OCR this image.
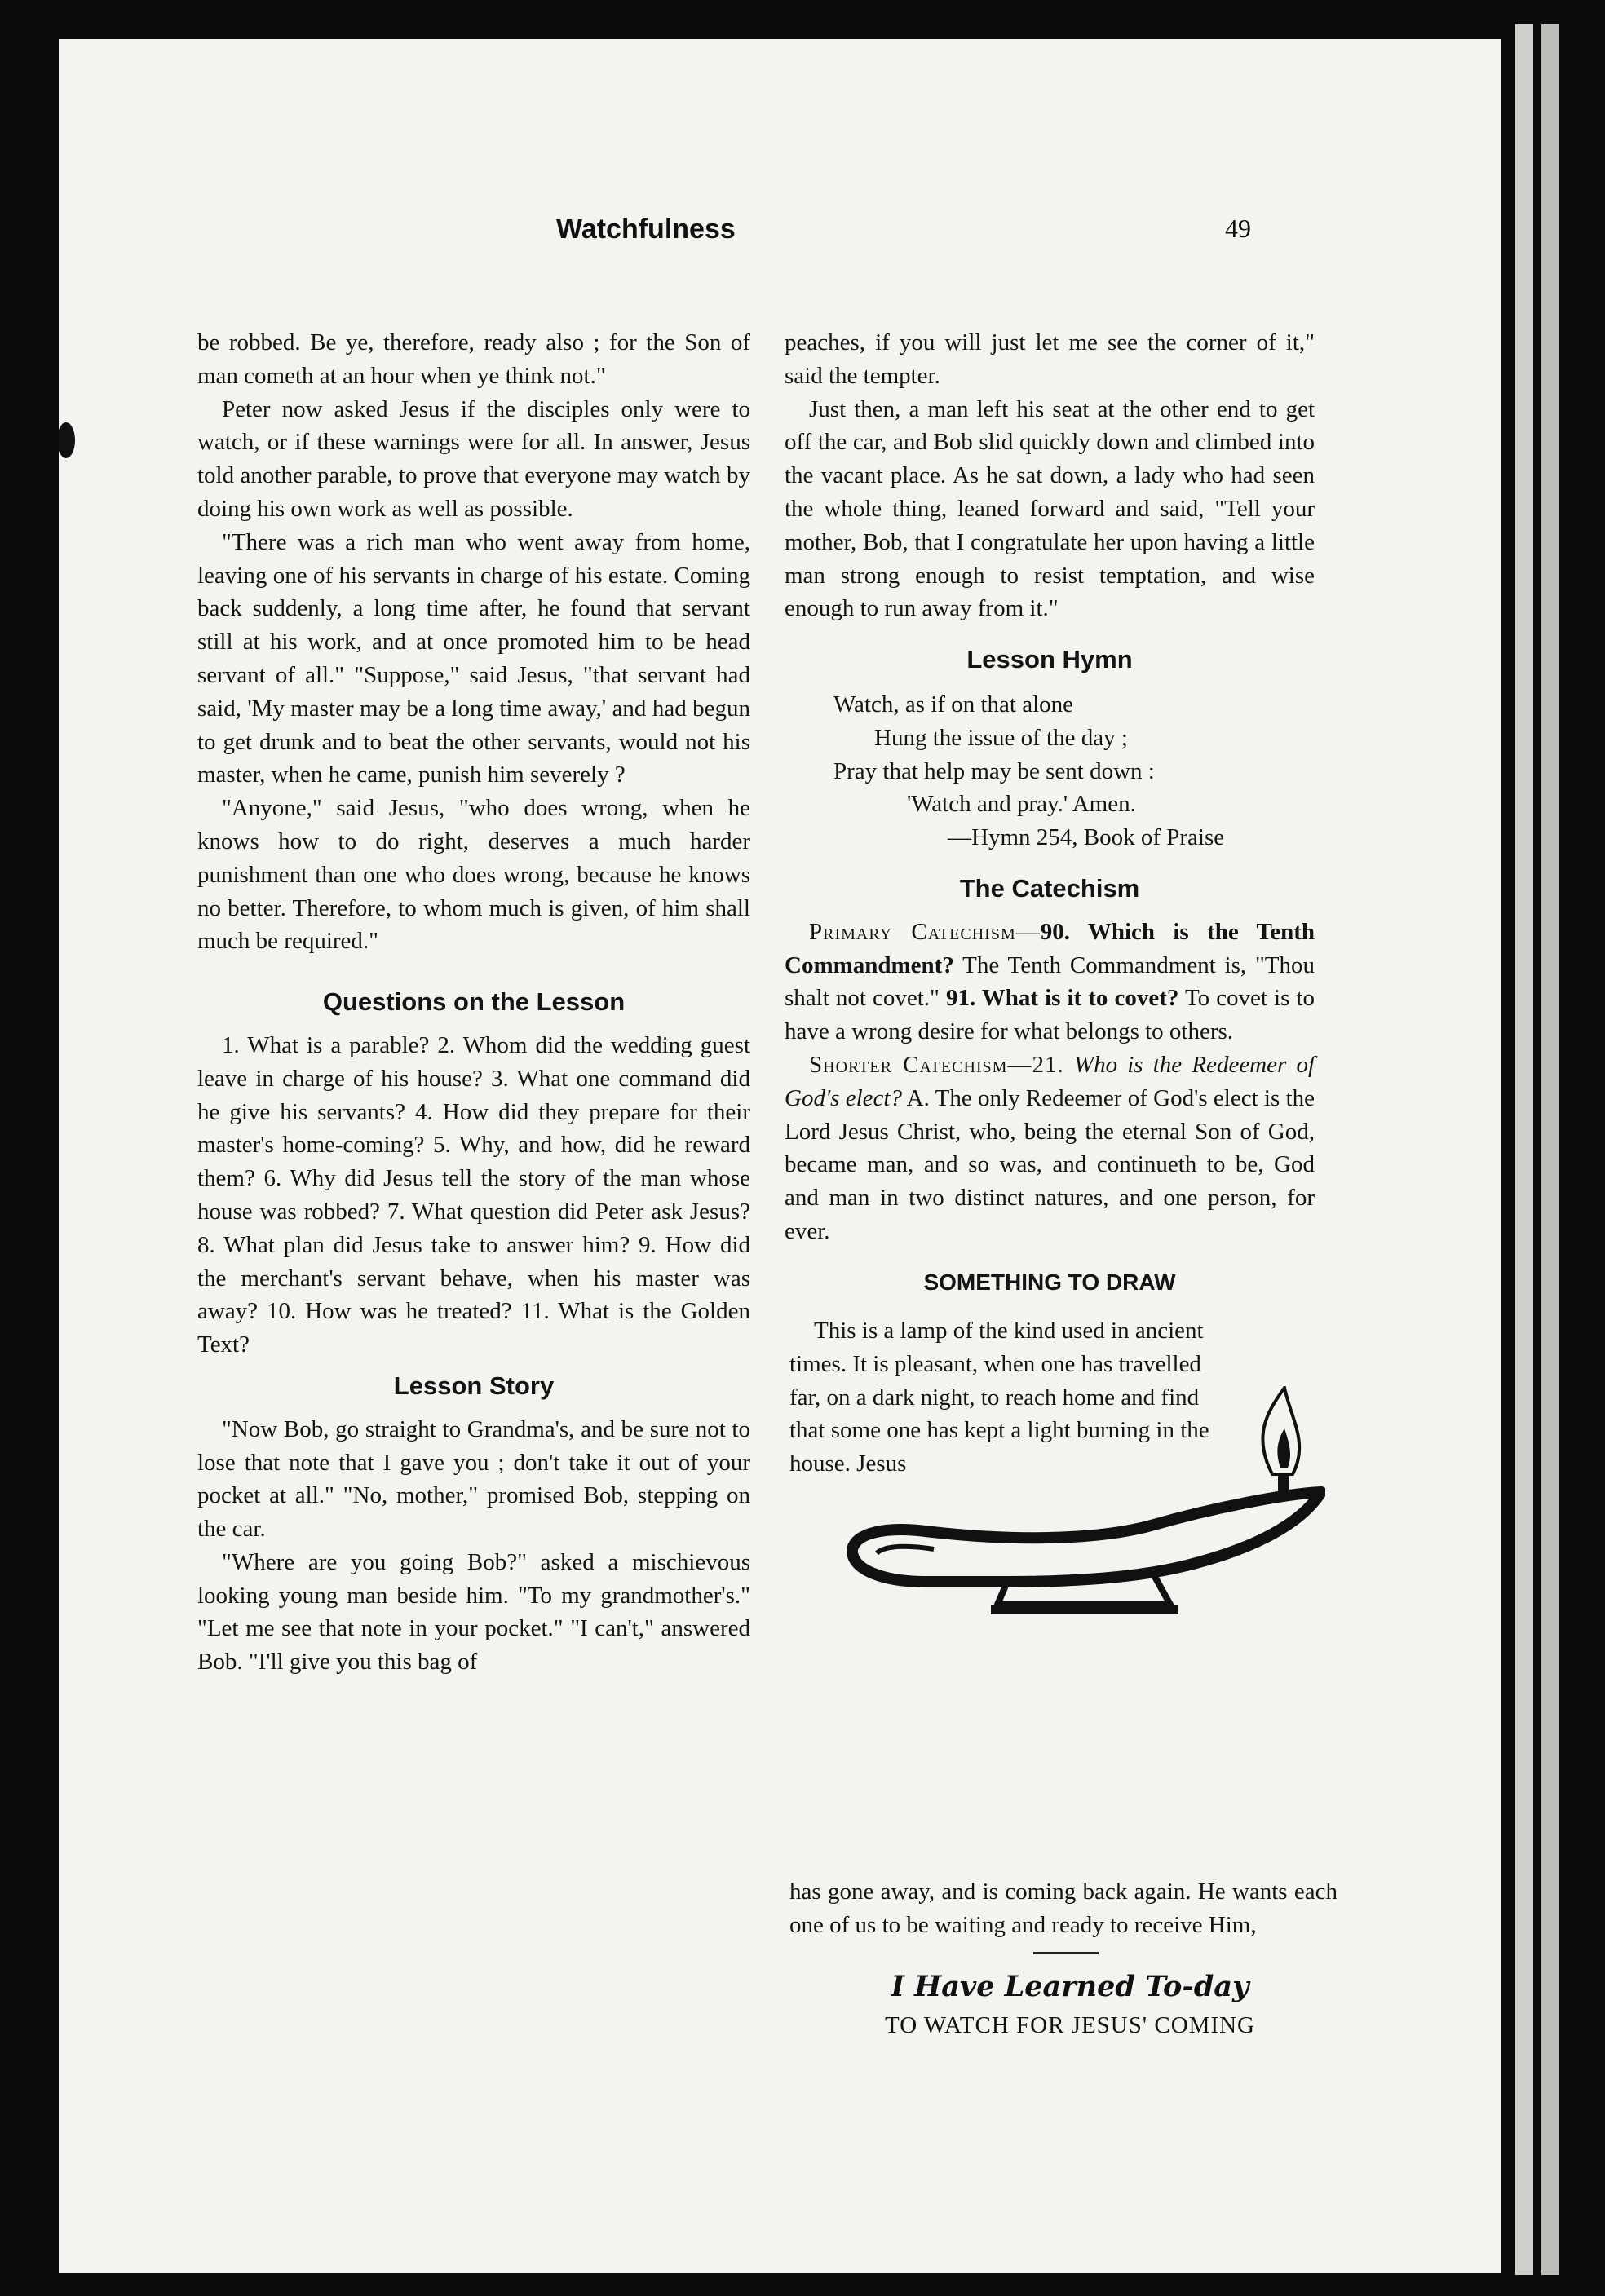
Watchfulness	49

be robbed. Be ye, therefore, ready also ; for the Son of man cometh at an hour when ye think not."

Peter now asked Jesus if the disciples only were to watch, or if these warnings were for all. In answer, Jesus told another parable, to prove that everyone may watch by doing his own work as well as possible.

"There was a rich man who went away from home, leaving one of his servants in charge of his estate. Coming back suddenly, a long time after, he found that servant still at his work, and at once promoted him to be head servant of all." "Suppose," said Jesus, "that servant had said, 'My master may be a long time away,' and had begun to get drunk and to beat the other servants, would not his master, when he came, punish him severely ?

"Anyone," said Jesus, "who does wrong, when he knows how to do right, deserves a much harder punishment than one who does wrong, because he knows no better. Therefore, to whom much is given, of him shall much be required."

Questions on the Lesson

1. What is a parable? 2. Whom did the wedding guest leave in charge of his house? 3. What one command did he give his servants? 4. How did they prepare for their master's home-coming? 5. Why, and how, did he reward them? 6. Why did Jesus tell the story of the man whose house was robbed? 7. What question did Peter ask Jesus? 8. What plan did Jesus take to answer him? 9. How did the merchant's servant behave, when his master was away? 10. How was he treated? 11. What is the Golden Text?

Lesson Story

"Now Bob, go straight to Grandma's, and be sure not to lose that note that I gave you ; don't take it out of your pocket at all." "No, mother," promised Bob, stepping on the car.

"Where are you going Bob?" asked a mischievous looking young man beside him. "To my grandmother's." "Let me see that note in your pocket." "I can't," answered Bob. "I'll give you this bag of

peaches, if you will just let me see the corner of it," said the tempter.

Just then, a man left his seat at the other end to get off the car, and Bob slid quickly down and climbed into the vacant place. As he sat down, a lady who had seen the whole thing, leaned forward and said, "Tell your mother, Bob, that I congratulate her upon having a little man strong enough to resist temptation, and wise enough to run away from it."

Lesson Hymn

Watch, as if on that alone
Hung the issue of the day ;
Pray that help may be sent down :
'Watch and pray.' Amen.
—Hymn 254, Book of Praise

The Catechism

Primary Catechism—90. Which is the Tenth Commandment? The Tenth Commandment is, "Thou shalt not covet." 91. What is it to covet? To covet is to have a wrong desire for what belongs to others.

Shorter Catechism—21. Who is the Redeemer of God's elect? A. The only Redeemer of God's elect is the Lord Jesus Christ, who, being the eternal Son of God, became man, and so was, and continueth to be, God and man in two distinct natures, and one person, for ever.

SOMETHING TO DRAW

This is a lamp of the kind used in ancient times. It is pleasant, when one has travelled far, on a dark night, to reach home and find that some one has kept a light burning in the house. Jesus

has gone away, and is coming back again. He wants each one of us to be waiting and ready to receive Him,

I Have Learned To-day
TO WATCH FOR JESUS' COMING
